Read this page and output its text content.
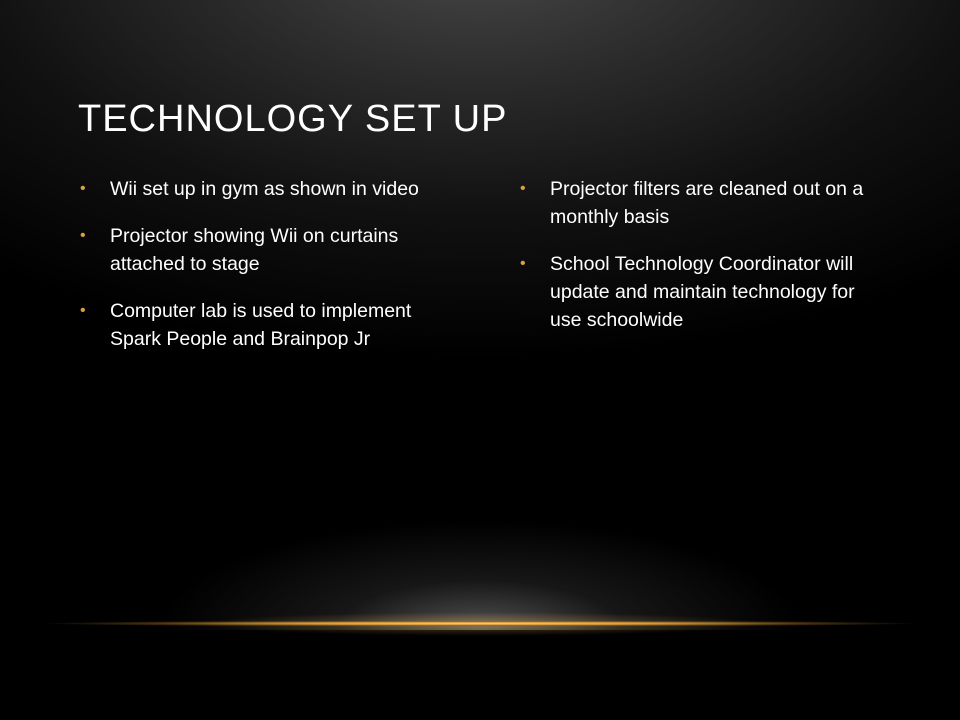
TECHNOLOGY SET UP
• Wii set up in gym as shown in video
• Projector showing Wii on curtains attached to stage
• Computer lab is used to implement Spark People and Brainpop Jr
• Projector filters are cleaned out on a monthly basis
• School Technology Coordinator will update and maintain technology for use schoolwide
